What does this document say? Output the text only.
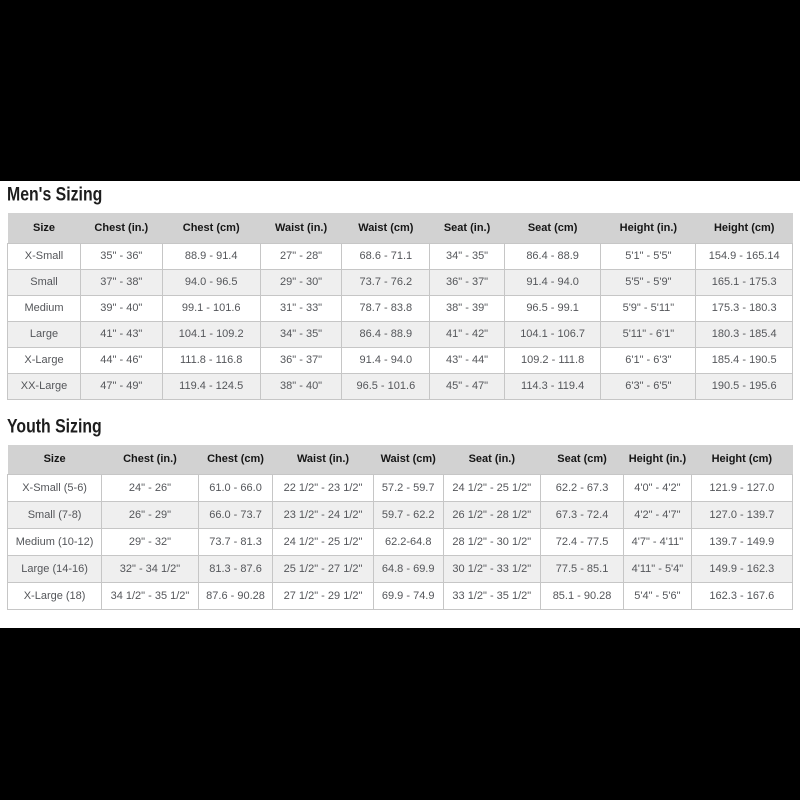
Men's Sizing
Size	Chest (in.)	Chest (cm)	Waist (in.)	Waist (cm)	Seat (in.)	Seat (cm)	Height (in.)	Height (cm)
X-Small	35" - 36"	88.9 - 91.4	27" - 28"	68.6 - 71.1	34" - 35"	86.4 - 88.9	5'1" - 5'5"	154.9 - 165.14
Small	37" - 38"	94.0 - 96.5	29" - 30"	73.7 - 76.2	36" - 37"	91.4 - 94.0	5'5" - 5'9"	165.1 - 175.3
Medium	39" - 40"	99.1 - 101.6	31" - 33"	78.7 - 83.8	38" - 39"	96.5 - 99.1	5'9" - 5'11"	175.3 - 180.3
Large	41" - 43"	104.1 - 109.2	34" - 35"	86.4 - 88.9	41" - 42"	104.1 - 106.7	5'11" - 6'1"	180.3 - 185.4
X-Large	44" - 46"	111.8 - 116.8	36" - 37"	91.4 - 94.0	43" - 44"	109.2 - 111.8	6'1" - 6'3"	185.4 - 190.5
XX-Large	47" - 49"	119.4 - 124.5	38" - 40"	96.5 - 101.6	45" - 47"	114.3 - 119.4	6'3" - 6'5"	190.5 - 195.6
Youth Sizing
Size	Chest (in.)	Chest (cm)	Waist (in.)	Waist (cm)	Seat (in.)	Seat (cm)	Height (in.)	Height (cm)
X-Small (5-6)	24" - 26"	61.0 - 66.0	22 1/2" - 23 1/2"	57.2 - 59.7	24 1/2" - 25 1/2"	62.2 - 67.3	4'0" - 4'2"	121.9 - 127.0
Small (7-8)	26" - 29"	66.0 - 73.7	23 1/2" - 24 1/2"	59.7 - 62.2	26 1/2" - 28 1/2"	67.3 - 72.4	4'2" - 4'7"	127.0 - 139.7
Medium (10-12)	29" - 32"	73.7 - 81.3	24 1/2" - 25 1/2"	62.2-64.8	28 1/2" - 30 1/2"	72.4 - 77.5	4'7" - 4'11"	139.7 - 149.9
Large (14-16)	32" - 34 1/2"	81.3 - 87.6	25 1/2" - 27 1/2"	64.8 - 69.9	30 1/2" - 33 1/2"	77.5 - 85.1	4'11" - 5'4"	149.9 - 162.3
X-Large (18)	34 1/2" - 35 1/2"	87.6 - 90.28	27 1/2" - 29 1/2"	69.9 - 74.9	33 1/2" - 35 1/2"	85.1 - 90.28	5'4" - 5'6"	162.3 - 167.6
